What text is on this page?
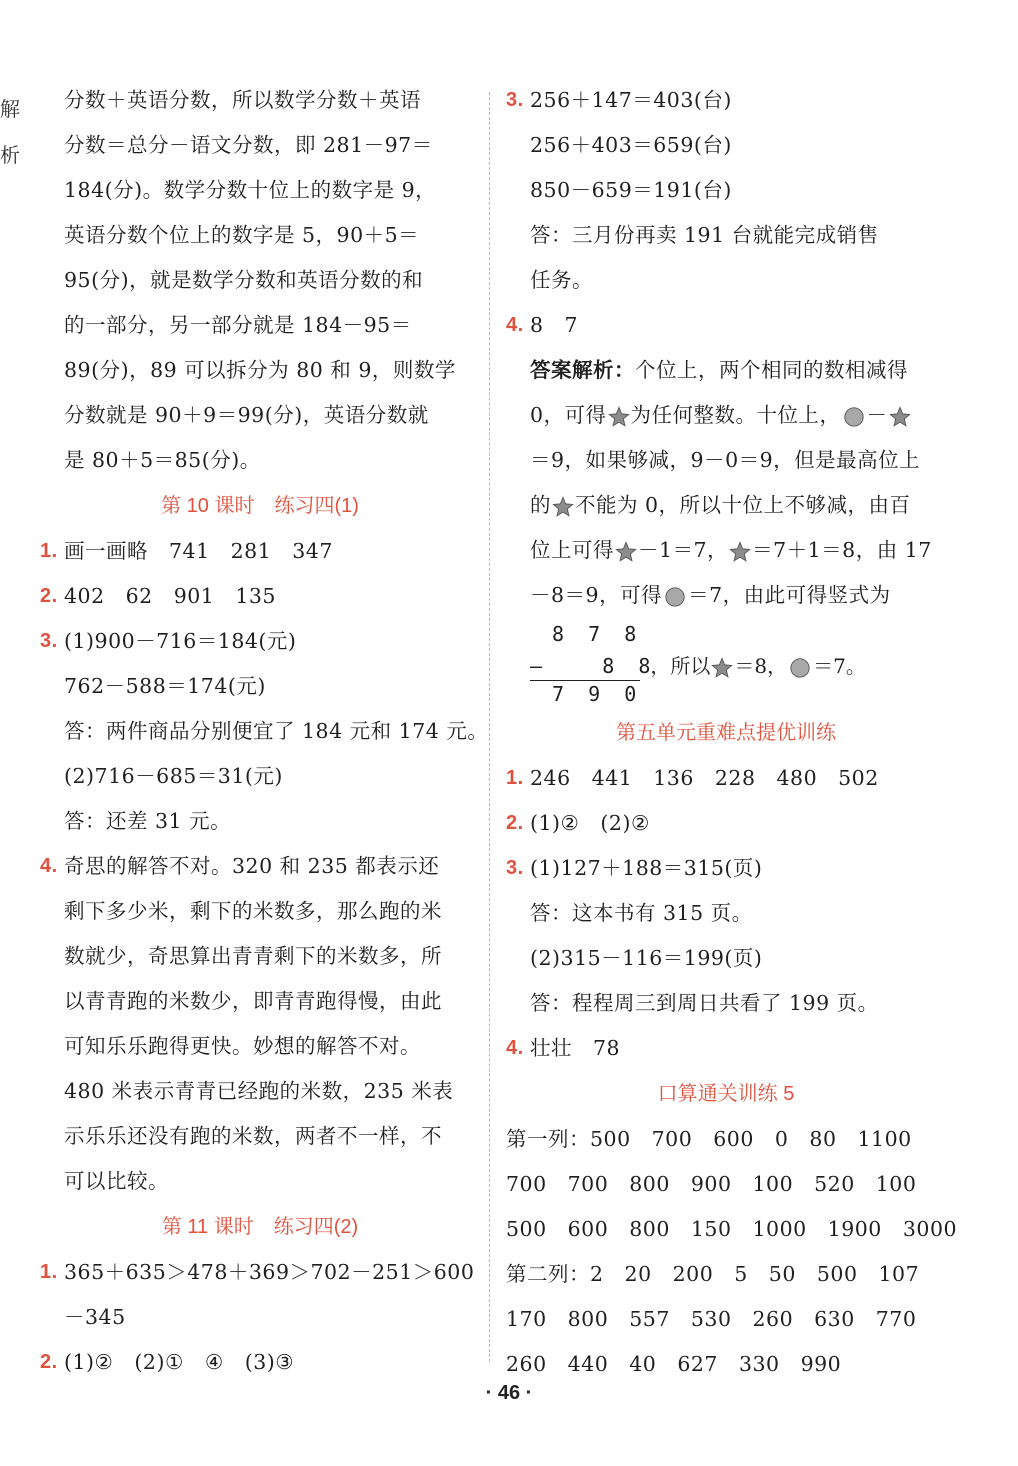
解
析
分数＋英语分数，所以数学分数＋英语
分数＝总分－语文分数，即 281－97＝
184(分)。数学分数十位上的数字是 9，
英语分数个位上的数字是 5，90＋5＝
95(分)，就是数学分数和英语分数的和
的一部分，另一部分就是 184－95＝
89(分)，89 可以拆分为 80 和 9，则数学
分数就是 90＋9＝99(分)，英语分数就
是 80＋5＝85(分)。
第 10 课时　练习四(1)
1. 画一画略　741　281　347
2. 402　62　901　135
3. (1)900－716＝184(元)
762－588＝174(元)
答：两件商品分别便宜了 184 元和 174 元。
(2)716－685＝31(元)
答：还差 31 元。
4. 奇思的解答不对。320 和 235 都表示还
剩下多少米，剩下的米数多，那么跑的米
数就少，奇思算出青青剩下的米数多，所
以青青跑的米数少，即青青跑得慢，由此
可知乐乐跑得更快。妙想的解答不对。
480 米表示青青已经跑的米数，235 米表
示乐乐还没有跑的米数，两者不一样，不
可以比较。
第 11 课时　练习四(2)
1. 365＋635＞478＋369＞702－251＞600
－345
2. (1)②　(2)①　④　(3)③
3. 256＋147＝403(台)
256＋403＝659(台)
850－659＝191(台)
答：三月份再卖 191 台就能完成销售
任务。
4. 8　7
答案解析：个位上，两个相同的数相减得
0，可得 为任何整数。十位上， －
＝9，如果够减，9－0＝9，但是最高位上
的 不能为 0，所以十位上不够减，由百
位上可得 －1＝7， ＝7＋1＝8，由 17
－8＝9，可得 ＝7，由此可得竖式为
8  7  8
–     8  8，所以 ＝8， ＝7。
7  9  0
第五单元重难点提优训练
1. 246　441　136　228　480　502
2. (1)②　(2)②
3. (1)127＋188＝315(页)
答：这本书有 315 页。
(2)315－116＝199(页)
答：程程周三到周日共看了 199 页。
4. 壮壮　78
口算通关训练 5
第一列：500　700　600　0　80　1100
700　700　800　900　100　520　100
500　600　800　150　1000　1900　3000
第二列：2　20　200　5　50　500　107
170　800　557　530　260　630　770
260　440　40　627　330　990
· 46 ·
